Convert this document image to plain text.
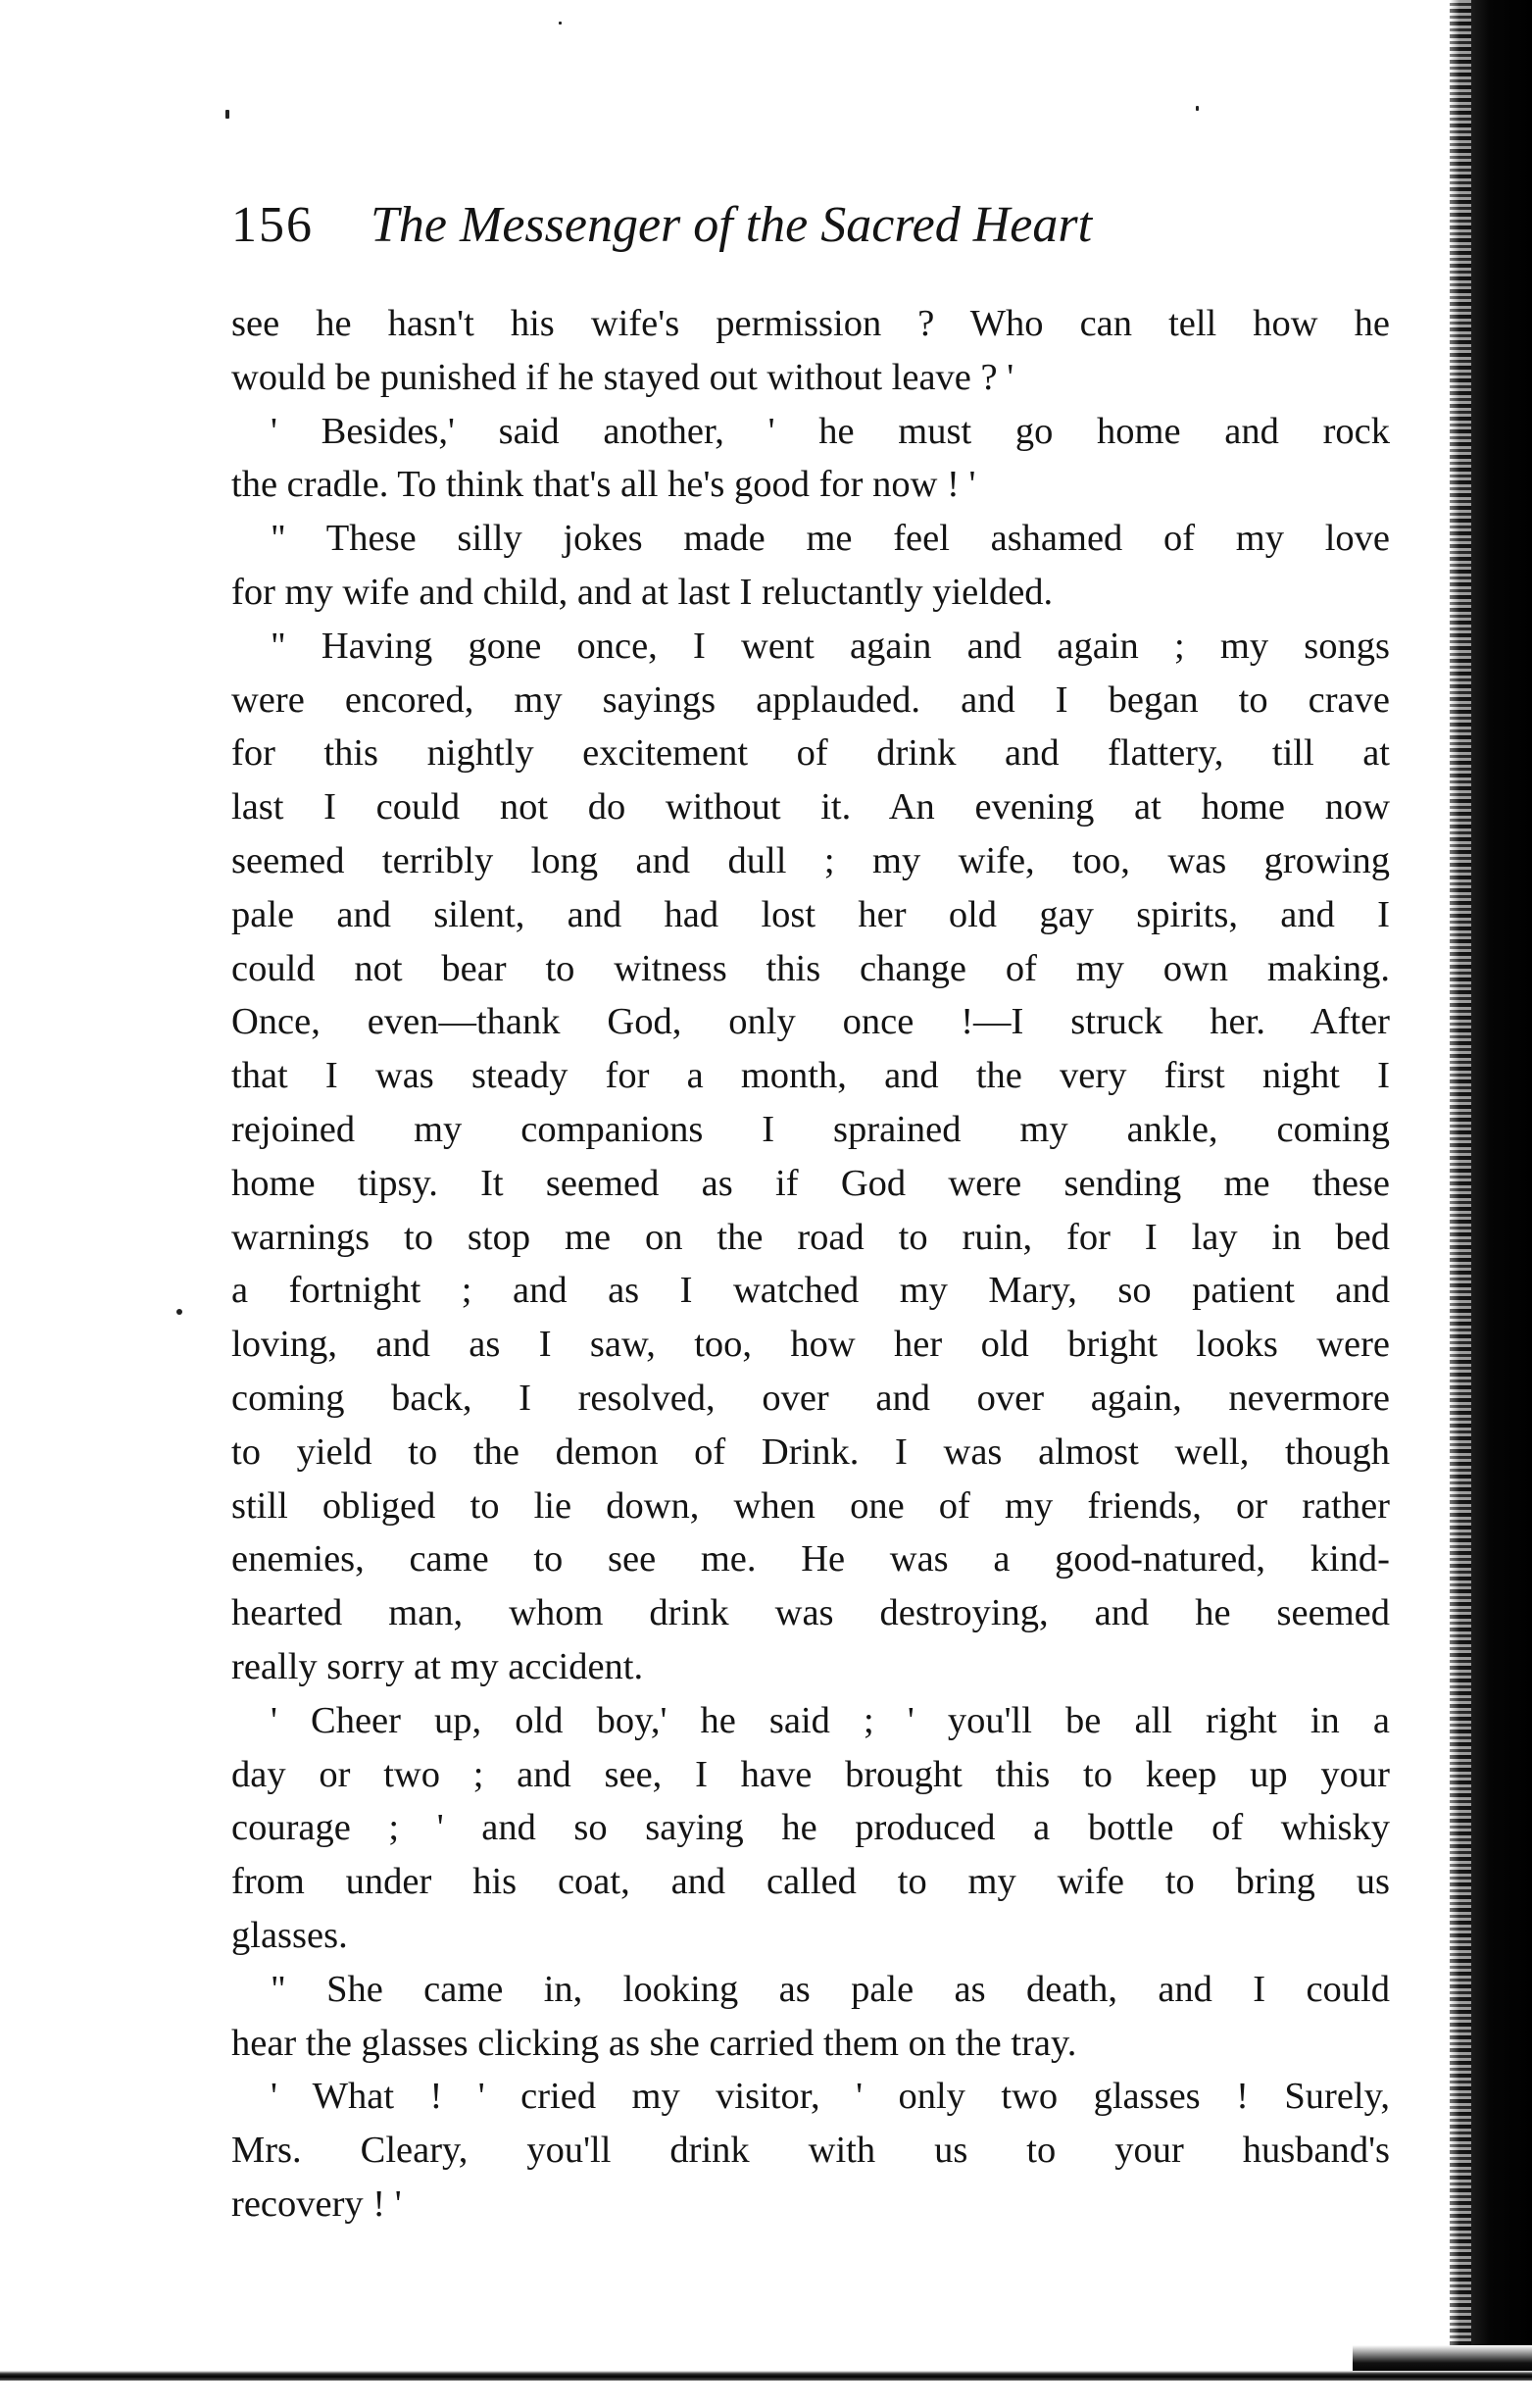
156 The Messenger of the Sacred Heart
see he hasn't his wife's permission ? Who can tell how he
would be punished if he stayed out without leave ? '
' Besides,' said another, ' he must go home and rock
the cradle. To think that's all he's good for now ! '
" These silly jokes made me feel ashamed of my love
for my wife and child, and at last I reluctantly yielded.
" Having gone once, I went again and again ; my songs
were encored, my sayings applauded. and I began to crave
for this nightly excitement of drink and flattery, till at
last I could not do without it. An evening at home now
seemed terribly long and dull ; my wife, too, was growing
pale and silent, and had lost her old gay spirits, and I
could not bear to witness this change of my own making.
Once, even—thank God, only once !—I struck her. After
that I was steady for a month, and the very first night I
rejoined my companions I sprained my ankle, coming
home tipsy. It seemed as if God were sending me these
warnings to stop me on the road to ruin, for I lay in bed
a fortnight ; and as I watched my Mary, so patient and
loving, and as I saw, too, how her old bright looks were
coming back, I resolved, over and over again, nevermore
to yield to the demon of Drink. I was almost well, though
still obliged to lie down, when one of my friends, or rather
enemies, came to see me. He was a good-natured, kind-
hearted man, whom drink was destroying, and he seemed
really sorry at my accident.
' Cheer up, old boy,' he said ; ' you'll be all right in a
day or two ; and see, I have brought this to keep up your
courage ; ' and so saying he produced a bottle of whisky
from under his coat, and called to my wife to bring us
glasses.
" She came in, looking as pale as death, and I could
hear the glasses clicking as she carried them on the tray.
' What ! ' cried my visitor, ' only two glasses ! Surely,
Mrs. Cleary, you'll drink with us to your husband's
recovery ! '
